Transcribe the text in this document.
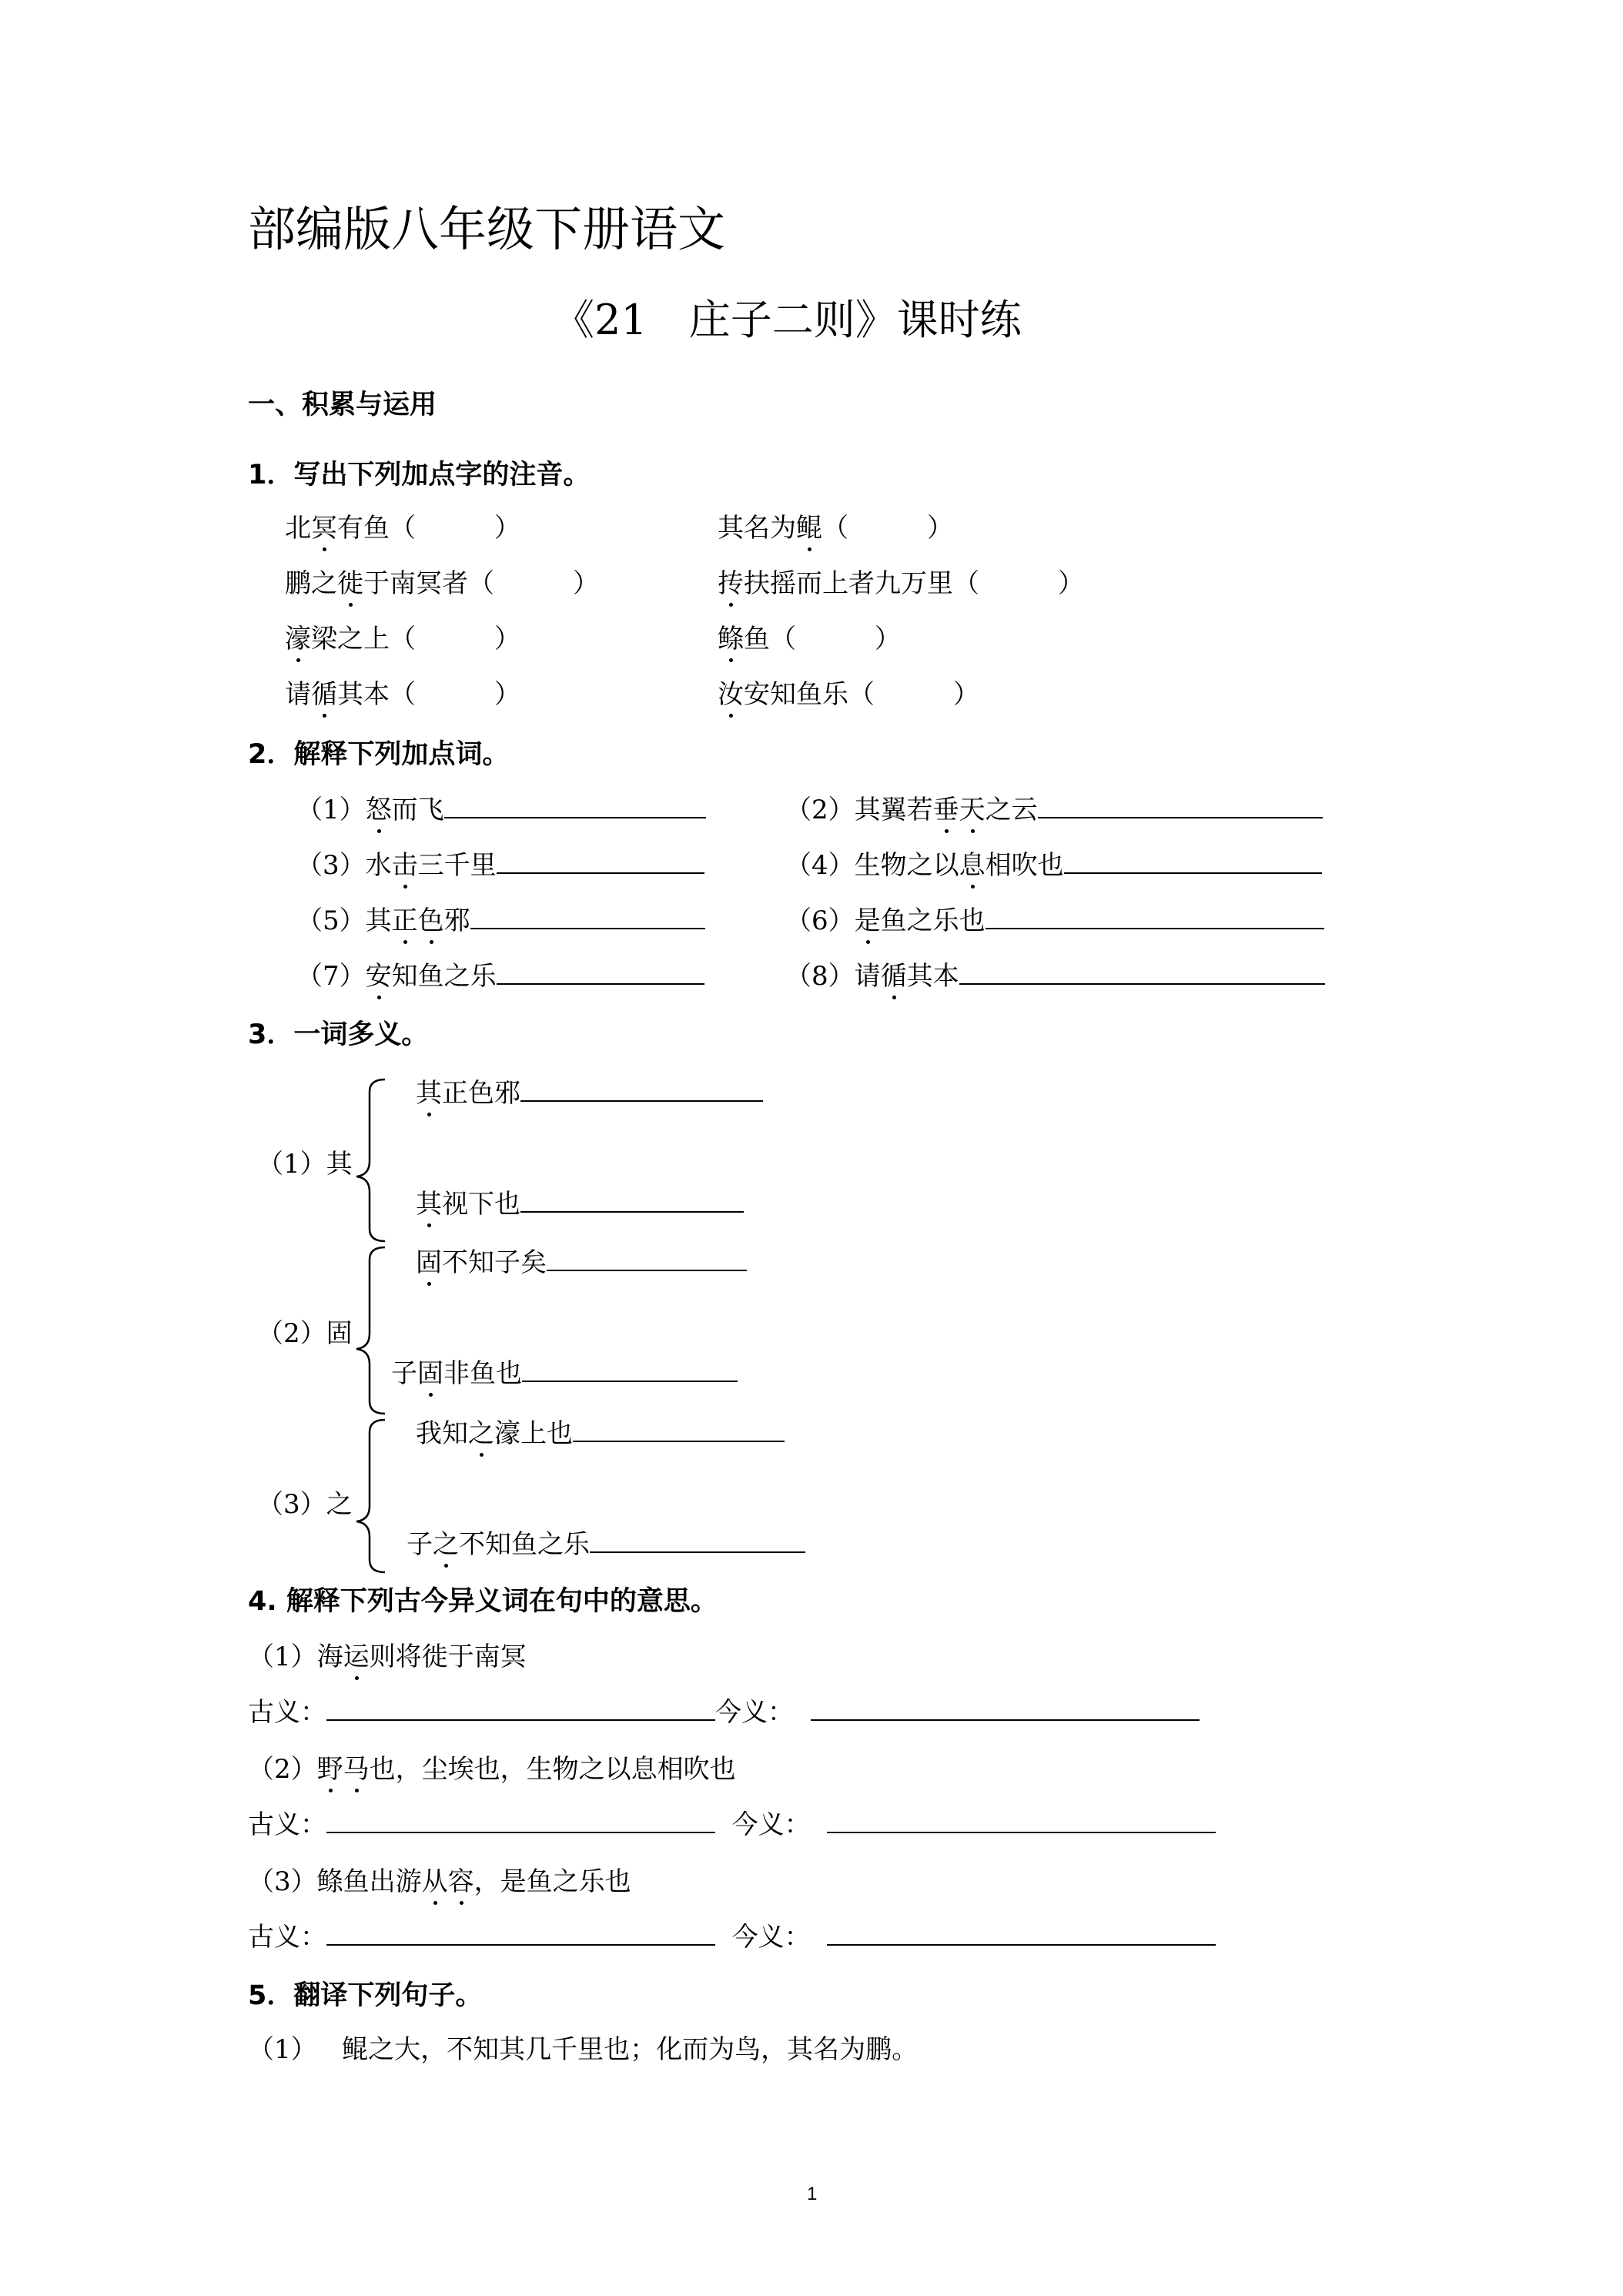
部编版八年级下册语文
《21　庄子二则》课时练
一、积累与运用
1．写出下列加点字的注音。
北冥有鱼（　　　）	其名为鲲（　　　）
鹏之徙于南冥者（　　　）	抟扶摇而上者九万里（　　　）
濠梁之上（　　　）	鲦鱼（　　　）
请循其本（　　　）	汝安知鱼乐（　　　）
2．解释下列加点词。
（1）怒而飞	（2）其翼若垂天之云
（3）水击三千里	（4）生物之以息相吹也
（5）其正色邪	（6）是鱼之乐也
（7）安知鱼之乐	（8）请循其本
3．一词多义。
（1）其
其正色邪
其视下也
（2）固
固不知子矣
子固非鱼也
（3）之
我知之濠上也
子之不知鱼之乐
4. 解释下列古今异义词在句中的意思。
（1）海运则将徙于南冥
古义：	今义：
（2）野马也，尘埃也，生物之以息相吹也
古义：	今义：
（3）鲦鱼出游从容，是鱼之乐也
古义：	今义：
5．翻译下列句子。
（1） 鲲之大，不知其几千里也；化而为鸟，其名为鹏。
1
